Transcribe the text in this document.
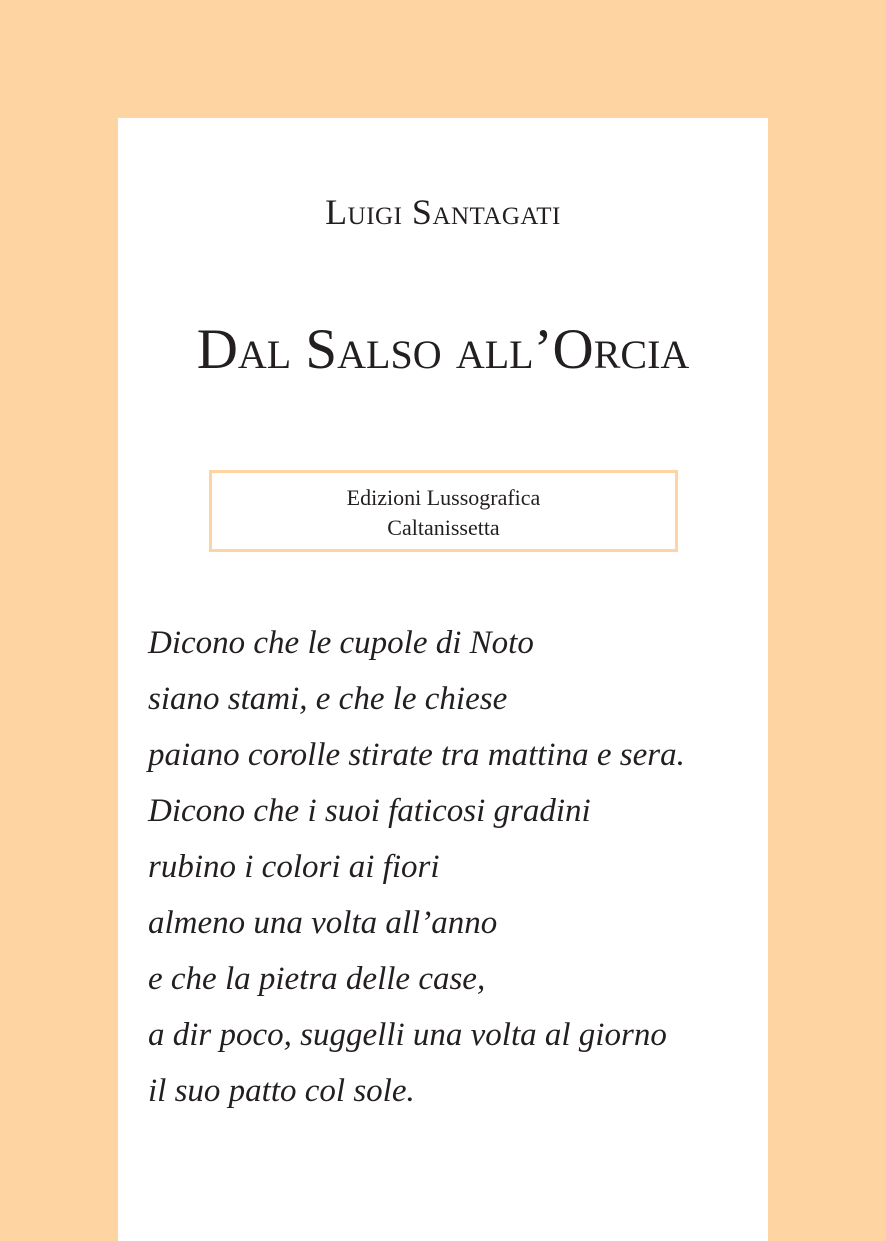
Luigi Santagati
Dal Salso all’Orcia
Edizioni Lussografica
Caltanissetta
Dicono che le cupole di Noto
siano stami, e che le chiese
paiano corolle stirate tra mattina e sera.
Dicono che i suoi faticosi gradini
rubino i colori ai fiori
almeno una volta all’anno
e che la pietra delle case,
a dir poco, suggelli una volta al giorno
il suo patto col sole.
